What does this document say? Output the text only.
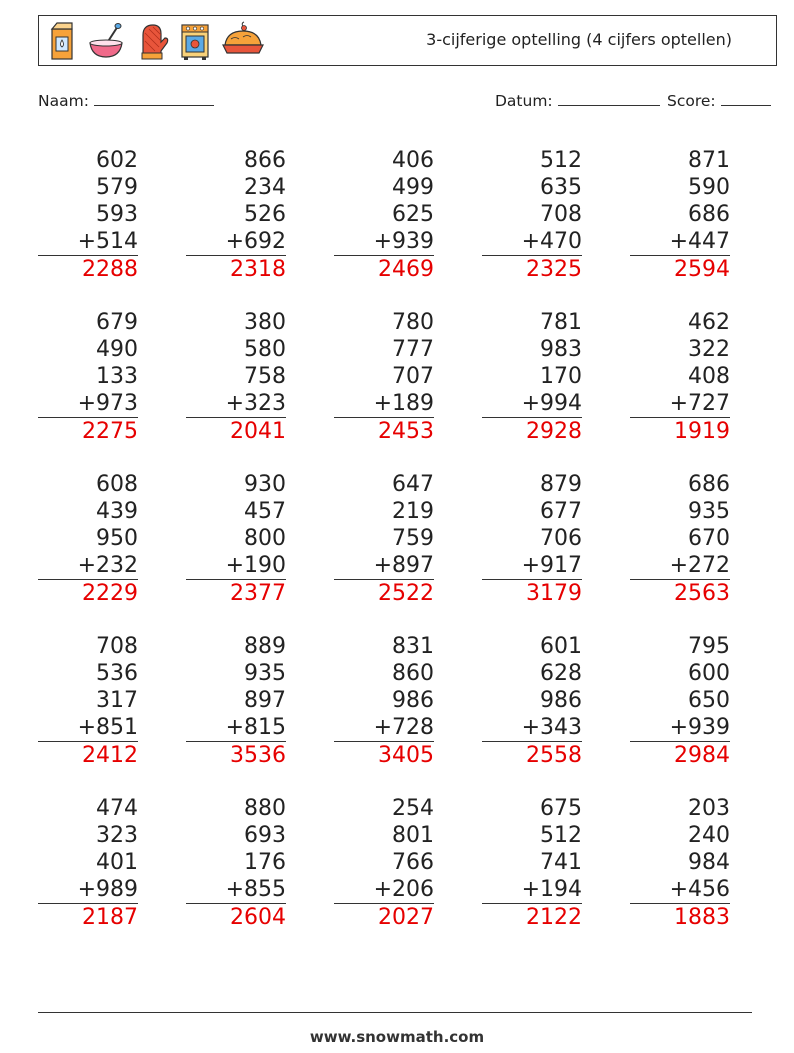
3-cijferige optelling (4 cijfers optellen)
Naam:	Datum:	Score:
602
579
593
+514
2288
866
234
526
+692
2318
406
499
625
+939
2469
512
635
708
+470
2325
871
590
686
+447
2594
679
490
133
+973
2275
380
580
758
+323
2041
780
777
707
+189
2453
781
983
170
+994
2928
462
322
408
+727
1919
608
439
950
+232
2229
930
457
800
+190
2377
647
219
759
+897
2522
879
677
706
+917
3179
686
935
670
+272
2563
708
536
317
+851
2412
889
935
897
+815
3536
831
860
986
+728
3405
601
628
986
+343
2558
795
600
650
+939
2984
474
323
401
+989
2187
880
693
176
+855
2604
254
801
766
+206
2027
675
512
741
+194
2122
203
240
984
+456
1883
www.snowmath.com
